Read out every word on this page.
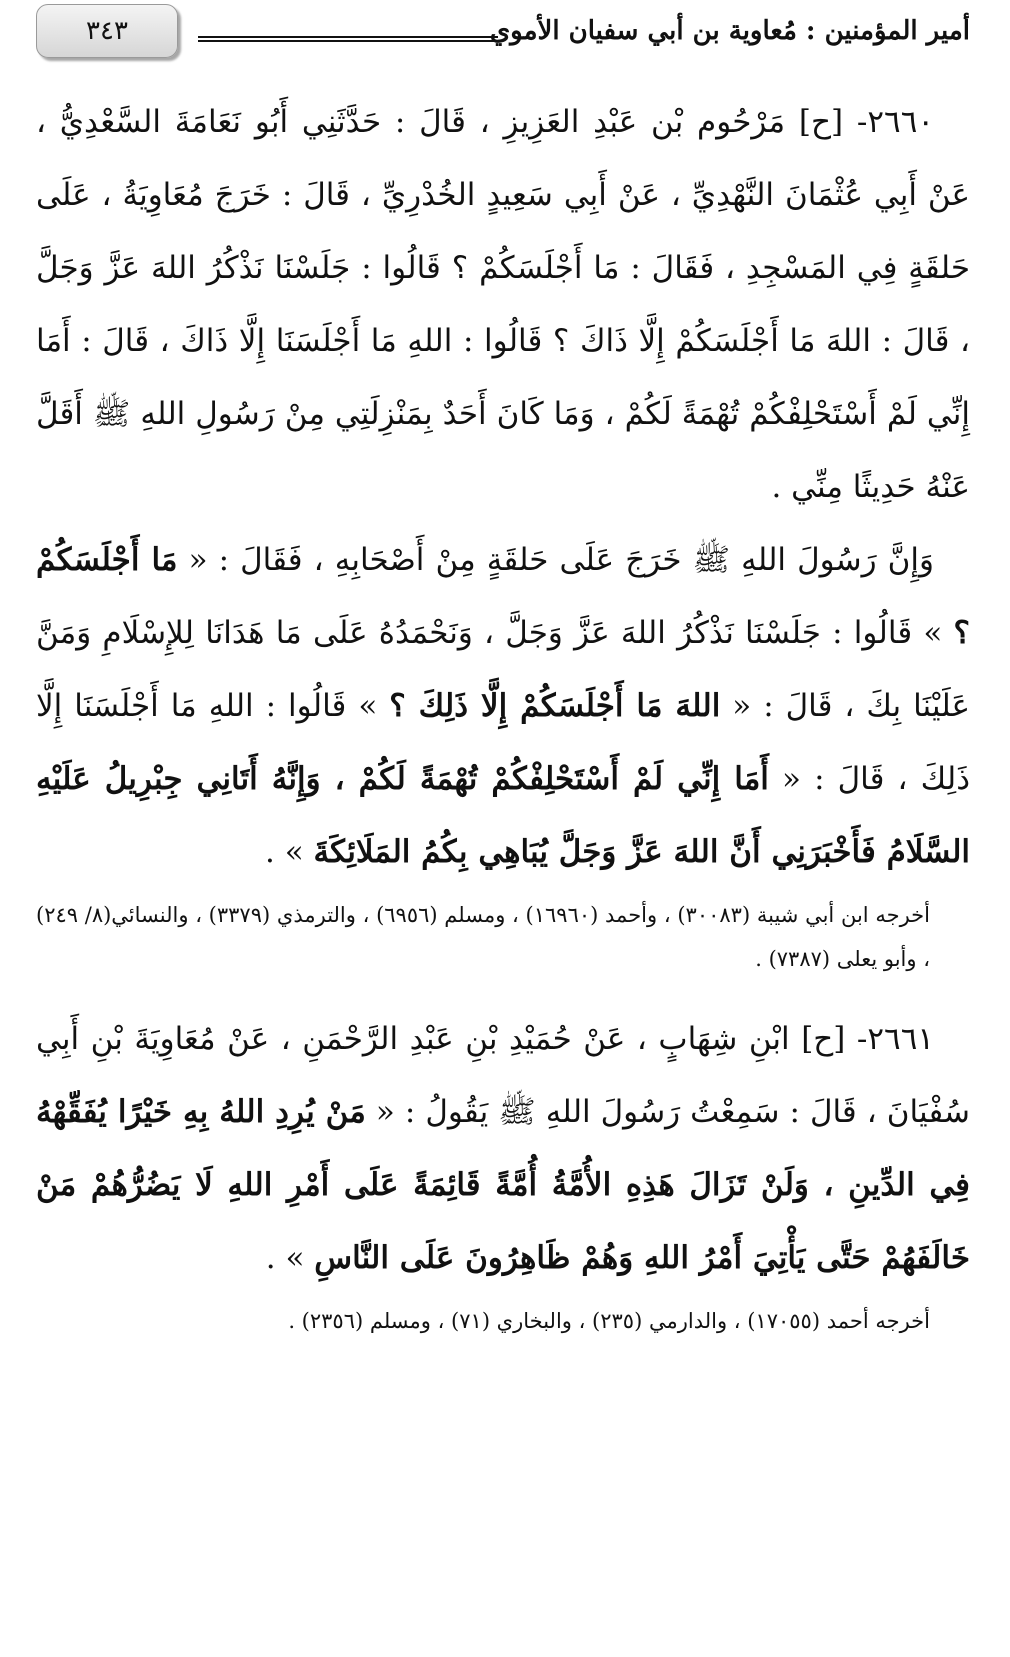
أمير المؤمنين : مُعاوية بن أبي سفيان الأموي
٣٤٣

٢٦٦٠- [ح] مَرْحُوم بْن عَبْدِ العَزِيزِ ، قَالَ : حَدَّثَنِي أَبُو نَعَامَةَ السَّعْدِيُّ ، عَنْ أَبِي عُثْمَانَ النَّهْدِيِّ ، عَنْ أَبِي سَعِيدٍ الخُدْرِيِّ ، قَالَ : خَرَجَ مُعَاوِيَةُ ، عَلَى حَلقَةٍ فِي المَسْجِدِ ، فَقَالَ : مَا أَجْلَسَكُمْ ؟ قَالُوا : جَلَسْنَا نَذْكُرُ اللهَ عَزَّ وَجَلَّ ، قَالَ : اللهَ مَا أَجْلَسَكُمْ إِلَّا ذَاكَ ؟ قَالُوا : اللهِ مَا أَجْلَسَنَا إِلَّا ذَاكَ ، قَالَ : أَمَا إِنِّي لَمْ أَسْتَحْلِفْكُمْ تُهْمَةً لَكُمْ ، وَمَا كَانَ أَحَدٌ بِمَنْزِلَتِي مِنْ رَسُولِ اللهِ ﷺ أَقَلَّ عَنْهُ حَدِيثًا مِنِّي .

وَإِنَّ رَسُولَ اللهِ ﷺ خَرَجَ عَلَى حَلقَةٍ مِنْ أَصْحَابِهِ ، فَقَالَ : « مَا أَجْلَسَكُمْ ؟ » قَالُوا : جَلَسْنَا نَذْكُرُ اللهَ عَزَّ وَجَلَّ ، وَنَحْمَدُهُ عَلَى مَا هَدَانَا لِلإِسْلَامِ وَمَنَّ عَلَيْنَا بِكَ ، قَالَ : « اللهَ مَا أَجْلَسَكُمْ إِلَّا ذَلِكَ ؟ » قَالُوا : اللهِ مَا أَجْلَسَنَا إِلَّا ذَلِكَ ، قَالَ : « أَمَا إِنِّي لَمْ أَسْتَحْلِفْكُمْ تُهْمَةً لَكُمْ ، وَإِنَّهُ أَتَانِي جِبْرِيلُ عَلَيْهِ السَّلَامُ فَأَخْبَرَنِي أَنَّ اللهَ عَزَّ وَجَلَّ يُبَاهِي بِكُمُ المَلَائِكَةَ » .

أخرجه ابن أبي شيبة (٣٠٠٨٣) ، وأحمد (١٦٩٦٠) ، ومسلم (٦٩٥٦) ، والترمذي (٣٣٧٩) ، والنسائي(٨/ ٢٤٩) ، وأبو يعلى (٧٣٨٧) .

٢٦٦١- [ح] ابْنِ شِهَابٍ ، عَنْ حُمَيْدِ بْنِ عَبْدِ الرَّحْمَنِ ، عَنْ مُعَاوِيَةَ بْنِ أَبِي سُفْيَانَ ، قَالَ : سَمِعْتُ رَسُولَ اللهِ ﷺ يَقُولُ : « مَنْ يُرِدِ اللهُ بِهِ خَيْرًا يُفَقِّهْهُ فِي الدِّينِ ، وَلَنْ تَزَالَ هَذِهِ الأُمَّةُ أُمَّةً قَائِمَةً عَلَى أَمْرِ اللهِ لَا يَضُرُّهُمْ مَنْ خَالَفَهُمْ حَتَّى يَأْتِيَ أَمْرُ اللهِ وَهُمْ ظَاهِرُونَ عَلَى النَّاسِ » .

أخرجه أحمد (١٧٠٥٥) ، والدارمي (٢٣٥) ، والبخاري (٧١) ، ومسلم (٢٣٥٦) .
